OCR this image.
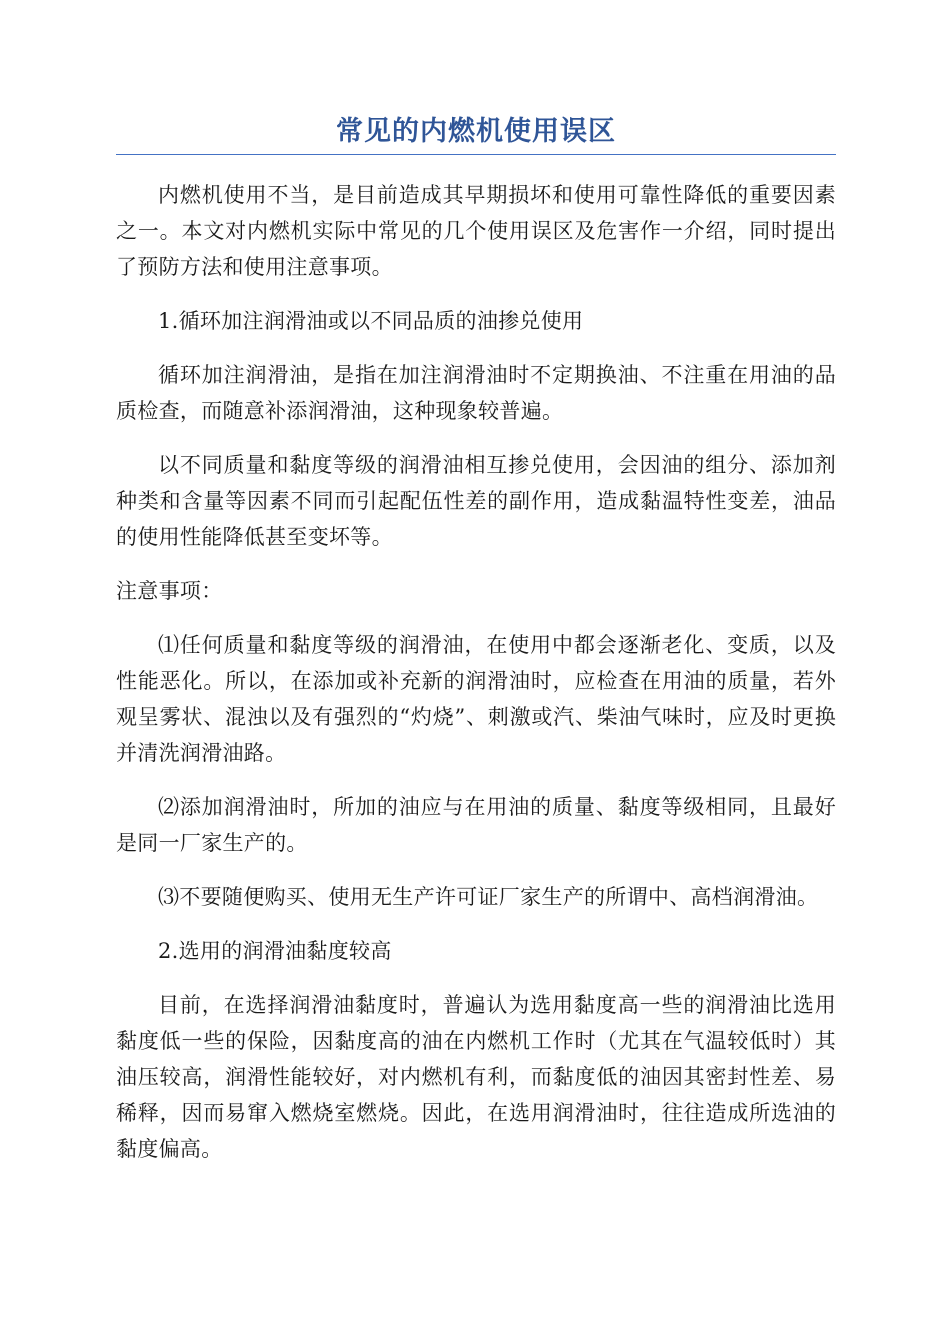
常见的内燃机使用误区

内燃机使用不当，是目前造成其早期损坏和使用可靠性降低的重要因素之一。本文对内燃机实际中常见的几个使用误区及危害作一介绍，同时提出了预防方法和使用注意事项。

1.循环加注润滑油或以不同品质的油掺兑使用

循环加注润滑油，是指在加注润滑油时不定期换油、不注重在用油的品质检查，而随意补添润滑油，这种现象较普遍。

以不同质量和黏度等级的润滑油相互掺兑使用，会因油的组分、添加剂种类和含量等因素不同而引起配伍性差的副作用，造成黏温特性变差，油品的使用性能降低甚至变坏等。

注意事项：

⑴任何质量和黏度等级的润滑油，在使用中都会逐渐老化、变质，以及性能恶化。所以，在添加或补充新的润滑油时，应检查在用油的质量，若外观呈雾状、混浊以及有强烈的“灼烧”、刺激或汽、柴油气味时，应及时更换并清洗润滑油路。

⑵添加润滑油时，所加的油应与在用油的质量、黏度等级相同，且最好是同一厂家生产的。

⑶不要随便购买、使用无生产许可证厂家生产的所谓中、高档润滑油。

2.选用的润滑油黏度较高

目前，在选择润滑油黏度时，普遍认为选用黏度高一些的润滑油比选用黏度低一些的保险，因黏度高的油在内燃机工作时（尤其在气温较低时）其油压较高，润滑性能较好，对内燃机有利，而黏度低的油因其密封性差、易稀释，因而易窜入燃烧室燃烧。因此，在选用润滑油时，往往造成所选油的黏度偏高。
